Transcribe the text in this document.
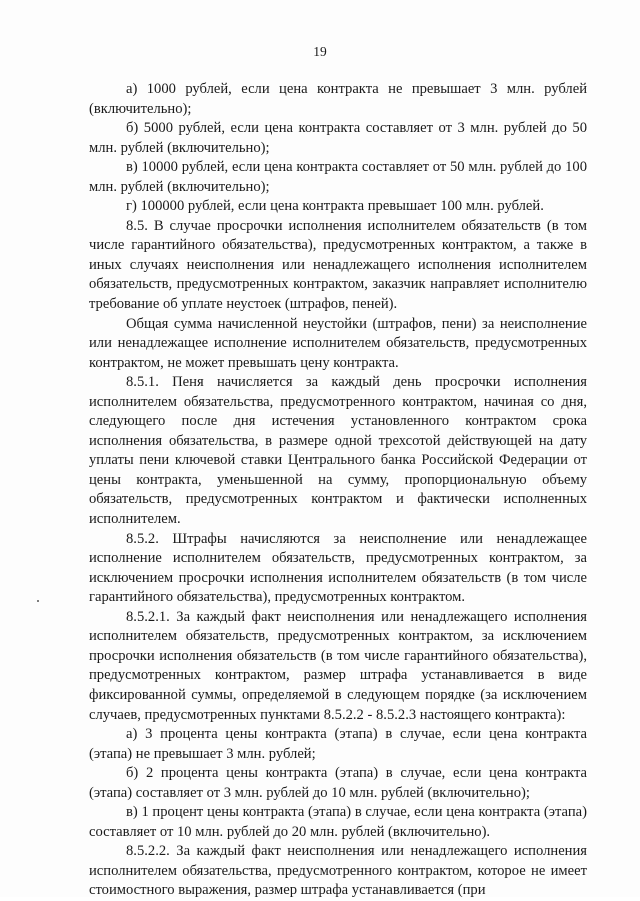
19

а) 1000 рублей, если цена контракта не превышает 3 млн. рублей (включительно);

б) 5000 рублей, если цена контракта составляет от 3 млн. рублей до 50 млн. рублей (включительно);

в) 10000 рублей, если цена контракта составляет от 50 млн. рублей до 100 млн. рублей (включительно);

г) 100000 рублей, если цена контракта превышает 100 млн. рублей.

8.5. В случае просрочки исполнения исполнителем обязательств (в том числе гарантийного обязательства), предусмотренных контрактом, а также в иных случаях неисполнения или ненадлежащего исполнения исполнителем обязательств, предусмотренных контрактом, заказчик направляет исполнителю требование об уплате неустоек (штрафов, пеней).

Общая сумма начисленной неустойки (штрафов, пени) за неисполнение или ненадлежащее исполнение исполнителем обязательств, предусмотренных контрактом, не может превышать цену контракта.

8.5.1. Пеня начисляется за каждый день просрочки исполнения исполнителем обязательства, предусмотренного контрактом, начиная со дня, следующего после дня истечения установленного контрактом срока исполнения обязательства, в размере одной трехсотой действующей на дату уплаты пени ключевой ставки Центрального банка Российской Федерации от цены контракта, уменьшенной на сумму, пропорциональную объему обязательств, предусмотренных контрактом и фактически исполненных исполнителем.

8.5.2. Штрафы начисляются за неисполнение или ненадлежащее исполнение исполнителем обязательств, предусмотренных контрактом, за исключением просрочки исполнения исполнителем обязательств (в том числе гарантийного обязательства), предусмотренных контрактом.

8.5.2.1. За каждый факт неисполнения или ненадлежащего исполнения исполнителем обязательств, предусмотренных контрактом, за исключением просрочки исполнения обязательств (в том числе гарантийного обязательства), предусмотренных контрактом, размер штрафа устанавливается в виде фиксированной суммы, определяемой в следующем порядке (за исключением случаев, предусмотренных пунктами 8.5.2.2 - 8.5.2.3 настоящего контракта):

а) 3 процента цены контракта (этапа) в случае, если цена контракта (этапа) не превышает 3 млн. рублей;

б) 2 процента цены контракта (этапа) в случае, если цена контракта (этапа) составляет от 3 млн. рублей до 10 млн. рублей (включительно);

в) 1 процент цены контракта (этапа) в случае, если цена контракта (этапа) составляет от 10 млн. рублей до 20 млн. рублей (включительно).

8.5.2.2. За каждый факт неисполнения или ненадлежащего исполнения исполнителем обязательства, предусмотренного контрактом, которое не имеет стоимостного выражения, размер штрафа устанавливается (при
